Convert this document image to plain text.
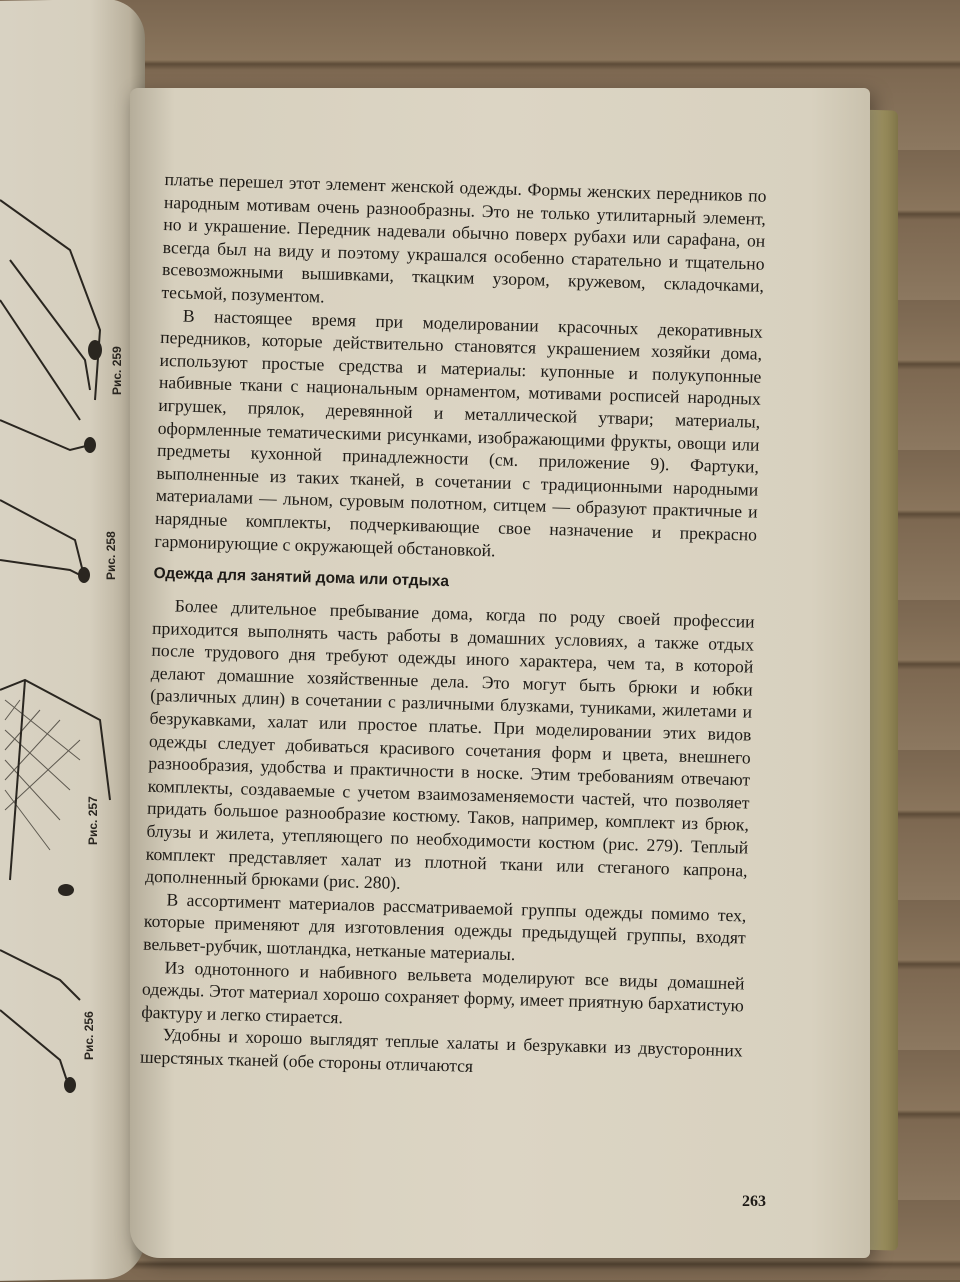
Рис. 259
Рис. 258
Рис. 257
Рис. 256

платье перешел этот элемент женской одежды. Формы женских передников по народным мотивам очень разнообразны. Это не только утилитарный элемент, но и украшение. Передник надевали обычно поверх рубахи или сарафана, он всегда был на виду и поэтому украшался особенно старательно и тщательно всевозможными вышивками, ткацким узором, кружевом, складочками, тесьмой, позументом.

В настоящее время при моделировании красочных декоративных передников, которые действительно становятся украшением хозяйки дома, используют простые средства и материалы: купонные и полукупонные набивные ткани с национальным орнаментом, мотивами росписей народных игрушек, прялок, деревянной и металлической утвари; материалы, оформленные тематическими рисунками, изображающими фрукты, овощи или предметы кухонной принадлежности (см. приложение 9). Фартуки, выполненные из таких тканей, в сочетании с традиционными народными материалами — льном, суровым полотном, ситцем — образуют практичные и нарядные комплекты, подчеркивающие свое назначение и прекрасно гармонирующие с окружающей обстановкой.

Одежда для занятий дома или отдыха

Более длительное пребывание дома, когда по роду своей профессии приходится выполнять часть работы в домашних условиях, а также отдых после трудового дня требуют одежды иного характера, чем та, в которой делают домашние хозяйственные дела. Это могут быть брюки и юбки (различных длин) в сочетании с различными блузками, туниками, жилетами и безрукавками, халат или простое платье. При моделировании этих видов одежды следует добиваться красивого сочетания форм и цвета, внешнего разнообразия, удобства и практичности в носке. Этим требованиям отвечают комплекты, создаваемые с учетом взаимозаменяемости частей, что позволяет придать большое разнообразие костюму. Таков, например, комплект из брюк, блузы и жилета, утепляющего по необходимости костюм (рис. 279). Теплый комплект представляет халат из плотной ткани или стеганого капрона, дополненный брюками (рис. 280).

В ассортимент материалов рассматриваемой группы одежды помимо тех, которые применяют для изготовления одежды предыдущей группы, входят вельвет-рубчик, шотландка, нетканые материалы.

Из однотонного и набивного вельвета моделируют все виды домашней одежды. Этот материал хорошо сохраняет форму, имеет приятную бархатистую фактуру и легко стирается.

Удобны и хорошо выглядят теплые халаты и безрукавки из двусторонних шерстяных тканей (обе стороны отличаются

263
